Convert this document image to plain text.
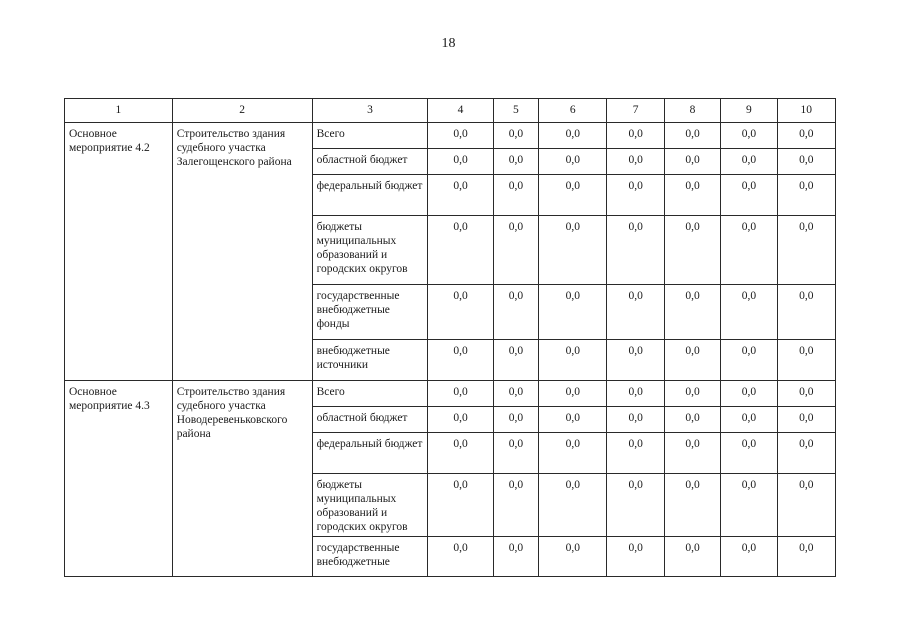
18
1	2	3	4	5	6	7	8	9	10
Основное мероприятие 4.2	Строительство здания судебного участка Залегощенского района	Всего	0,0	0,0	0,0	0,0	0,0	0,0	0,0
		областной бюджет	0,0	0,0	0,0	0,0	0,0	0,0	0,0
		федеральный бюджет	0,0	0,0	0,0	0,0	0,0	0,0	0,0
		бюджеты муниципальных образований и городских округов	0,0	0,0	0,0	0,0	0,0	0,0	0,0
		государственные внебюджетные фонды	0,0	0,0	0,0	0,0	0,0	0,0	0,0
		внебюджетные источники	0,0	0,0	0,0	0,0	0,0	0,0	0,0
Основное мероприятие 4.3	Строительство здания судебного участка Новодеревеньковского района	Всего	0,0	0,0	0,0	0,0	0,0	0,0	0,0
		областной бюджет	0,0	0,0	0,0	0,0	0,0	0,0	0,0
		федеральный бюджет	0,0	0,0	0,0	0,0	0,0	0,0	0,0
		бюджеты муниципальных образований и городских округов	0,0	0,0	0,0	0,0	0,0	0,0	0,0
		государственные внебюджетные	0,0	0,0	0,0	0,0	0,0	0,0	0,0
